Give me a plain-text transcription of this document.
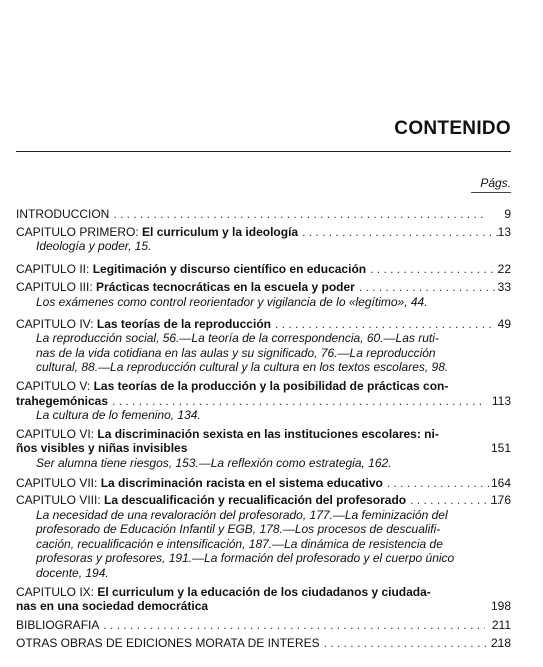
CONTENIDO
Págs.
INTRODUCCION . . .	9
CAPITULO PRIMERO:
El curriculum y la ideología . . .	13
Ideología y poder, 15.
CAPITULO II:
Legitimación y discurso científico en educación . . .	22
CAPITULO III:
Prácticas tecnocráticas en la escuela y poder . . .	33
Los exámenes como control reorientador y vigilancia de lo «legítimo», 44.
CAPITULO IV:
Las teorías de la reproducción . . .	49
La reproducción social, 56.—La teoría de la correspondencia, 60.—Las ruti-
nas de la vida cotidiana en las aulas y su significado, 76.—La reproducción
cultural, 88.—La reproducción cultural y la cultura en los textos escolares, 98.
CAPITULO V:
Las teorías de la producción y la posibilidad de prácticas con-
trahegemónicas . . .	113
La cultura de lo femenino, 134.
CAPITULO VI:
La discriminación sexista en las instituciones escolares: ni-
ños visibles y niñas invisibles	151
Ser alumna tiene riesgos, 153.—La reflexión como estrategia, 162.
CAPITULO VII:
La discriminación racista en el sistema educativo . . .	164
CAPITULO VIII:
La descualificación y recualificación del profesorado . . .	176
La necesidad de una revaloración del profesorado, 177.—La feminización del
profesorado de Educación Infantil y EGB, 178.—Los procesos de descualifi-
cación, recualificación e intensificación, 187.—La dinámica de resistencia de
profesoras y profesores, 191.—La formación del profesorado y el cuerpo único
docente, 194.
CAPITULO IX:
El curriculum y la educación de los ciudadanos y ciudada-
nas en una sociedad democrática	198
BIBLIOGRAFIA . . .	211
OTRAS OBRAS DE EDICIONES MORATA DE INTERES . . .	218
